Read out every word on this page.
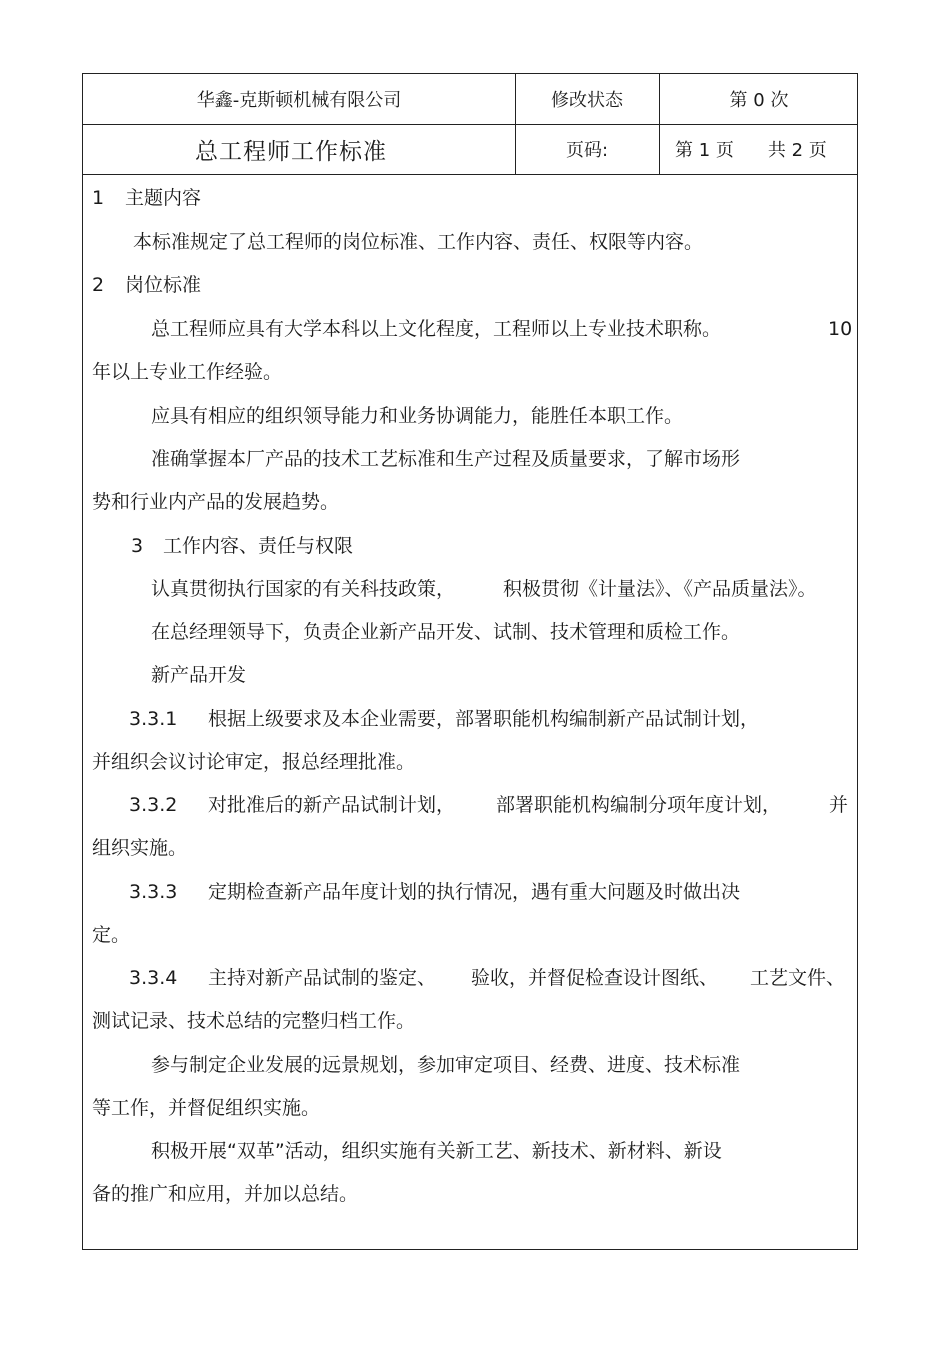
华鑫-克斯顿机械有限公司	修改状态	第 0 次
总工程师工作标准	页码:	第 1 页 共 2 页
1 主题内容
本标准规定了总工程师的岗位标准、工作内容、责任、权限等内容。
2 岗位标准
总工程师应具有大学本科以上文化程度，工程师以上专业技术职称。	10
年以上专业工作经验。
应具有相应的组织领导能力和业务协调能力，能胜任本职工作。
准确掌握本厂产品的技术工艺标准和生产过程及质量要求，了解市场形
势和行业内产品的发展趋势。
3 工作内容、责任与权限
认真贯彻执行国家的有关科技政策，	积极贯彻《计量法》、《产品质量法》。
在总经理领导下，负责企业新产品开发、试制、技术管理和质检工作。
新产品开发
3.3.1 根据上级要求及本企业需要，部署职能机构编制新产品试制计划，
并组织会议讨论审定，报总经理批准。
3.3.2 对批准后的新产品试制计划， 部署职能机构编制分项年度计划，	并
组织实施。
3.3.3 定期检查新产品年度计划的执行情况，遇有重大问题及时做出决
定。
3.3.4 主持对新产品试制的鉴定、 验收，并督促检查设计图纸、 工艺文件、
测试记录、技术总结的完整归档工作。
参与制定企业发展的远景规划，参加审定项目、经费、进度、技术标准
等工作，并督促组织实施。
积极开展“双革”活动，组织实施有关新工艺、新技术、新材料、新设
备的推广和应用，并加以总结。
